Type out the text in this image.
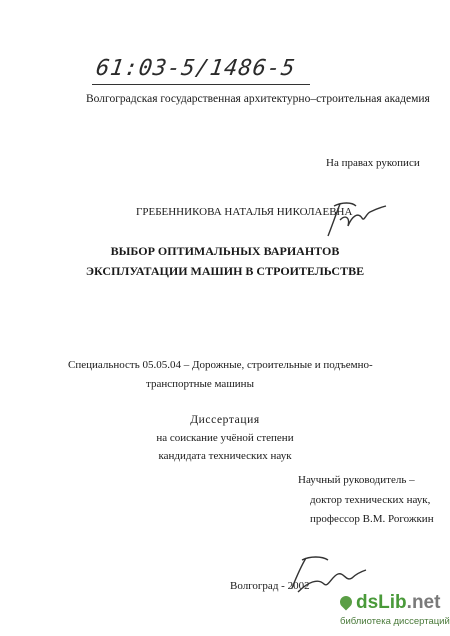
61:03-5/1486-5
Волгоградская государственная архитектурно–строительная академия
На правах рукописи
ГРЕБЕННИКОВА НАТАЛЬЯ НИКОЛАЕВНА
ВЫБОР ОПТИМАЛЬНЫХ ВАРИАНТОВ
ЭКСПЛУАТАЦИИ МАШИН В СТРОИТЕЛЬСТВЕ
Специальность 05.05.04 – Дорожные, строительные и подъемно-
транспортные машины
Диссертация
на соискание учёной степени
кандидата технических наук
Научный руководитель –
доктор технических наук,
профессор В.М. Рогожкин
Волгоград - 2002
dsLib.net
библиотека диссертаций
